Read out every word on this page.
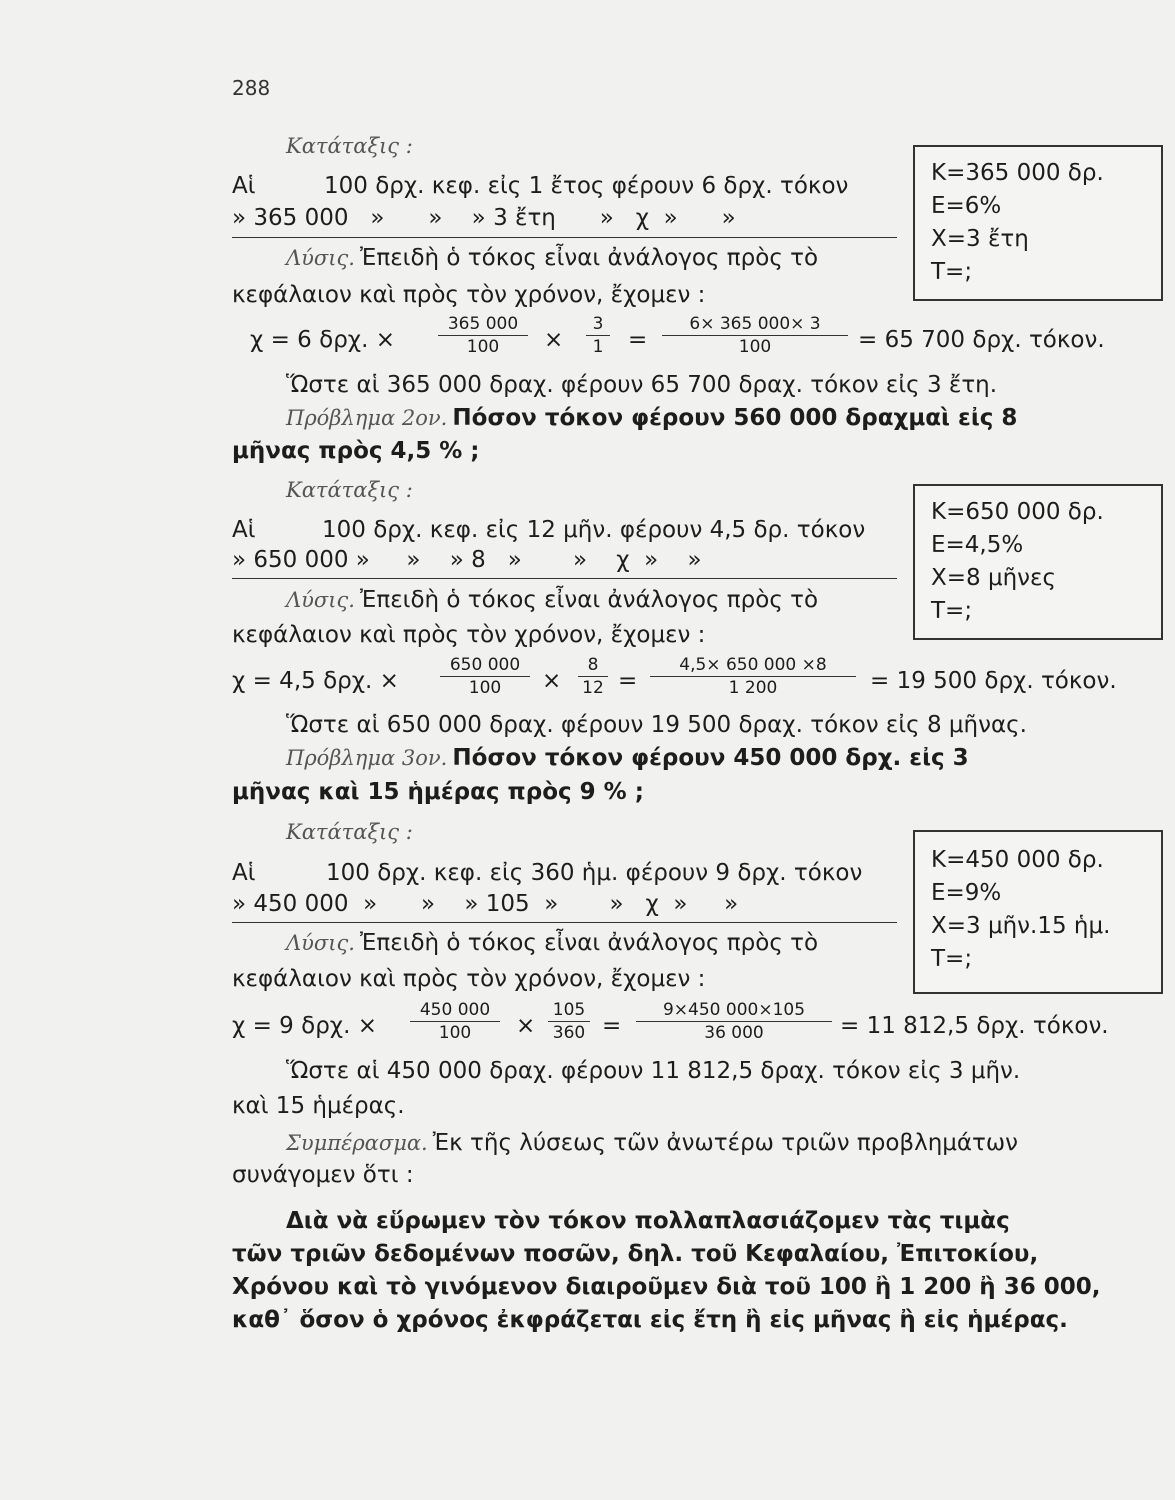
288
Κατάταξις :
Αἱ	100 δρχ. κεφ. εἰς 1 ἔτος φέρουν 6 δρχ. τόκον
» 365 000   »      »    » 3 ἔτη      »   χ  »      »
Κ=365 000 δρ.
Ε=6%
Χ=3 ἔτη
Τ=;
Λύσις. Ἐπειδὴ ὁ τόκος εἶναι ἀνάλογος πρὸς τὸ
κεφάλαιον καὶ πρὸς τὸν χρόνον, ἔχομεν :
χ = 6 δρχ. ×
365 000
100	×
3
1 =
6× 365 000× 3
100	= 65 700 δρχ. τόκον.
Ὥστε αἱ 365 000 δραχ. φέρουν 65 700 δραχ. τόκον εἰς 3 ἔτη.
Πρόβλημα 2ον. Πόσον τόκον φέρουν 560 000 δραχμαὶ εἰς 8
μῆνας πρὸς 4,5 % ;
Κατάταξις :
Αἱ	100 δρχ. κεφ. εἰς 12 μῆν. φέρουν 4,5 δρ. τόκον
» 650 000 »     »    » 8   »       »    χ  »    »
Κ=650 000 δρ.
Ε=4,5%
Χ=8 μῆνες
Τ=;
Λύσις. Ἐπειδὴ ὁ τόκος εἶναι ἀνάλογος πρὸς τὸ
κεφάλαιον καὶ πρὸς τὸν χρόνον, ἔχομεν :
χ = 4,5 δρχ. ×
650 000
100	×
8
12 =
4,5× 650 000 ×8
1 200	= 19 500 δρχ. τόκον.
Ὥστε αἱ 650 000 δραχ. φέρουν 19 500 δραχ. τόκον εἰς 8 μῆνας.
Πρόβλημα 3ον. Πόσον τόκον φέρουν 450 000 δρχ. εἰς 3
μῆνας καὶ 15 ἡμέρας πρὸς 9 % ;
Κατάταξις :
Αἱ	100 δρχ. κεφ. εἰς 360 ἡμ. φέρουν 9 δρχ. τόκον
» 450 000  »      »    » 105  »       »   χ  »     »
Κ=450 000 δρ.
Ε=9%
Χ=3 μῆν.15 ἡμ.
Τ=;
Λύσις. Ἐπειδὴ ὁ τόκος εἶναι ἀνάλογος πρὸς τὸ
κεφάλαιον καὶ πρὸς τὸν χρόνον, ἔχομεν :
χ = 9 δρχ. ×
450 000
100	×
105
360 =
9×450 000×105
36 000	= 11 812,5 δρχ. τόκον.
Ὥστε αἱ 450 000 δραχ. φέρουν 11 812,5 δραχ. τόκον εἰς 3 μῆν.
καὶ 15 ἡμέρας.
Συμπέρασμα. Ἐκ τῆς λύσεως τῶν ἀνωτέρω τριῶν προβλημάτων
συνάγομεν ὅτι :
Διὰ νὰ εὕρωμεν τὸν τόκον πολλαπλασιάζομεν τὰς τιμὰς
τῶν τριῶν δεδομένων ποσῶν, δηλ. τοῦ Κεφαλαίου, Ἐπιτοκίου,
Χρόνου καὶ τὸ γινόμενον διαιροῦμεν διὰ τοῦ 100 ἢ 1 200 ἢ 36 000,
καθ᾽ ὅσον ὁ χρόνος ἐκφράζεται εἰς ἔτη ἢ εἰς μῆνας ἢ εἰς ἡμέρας.
